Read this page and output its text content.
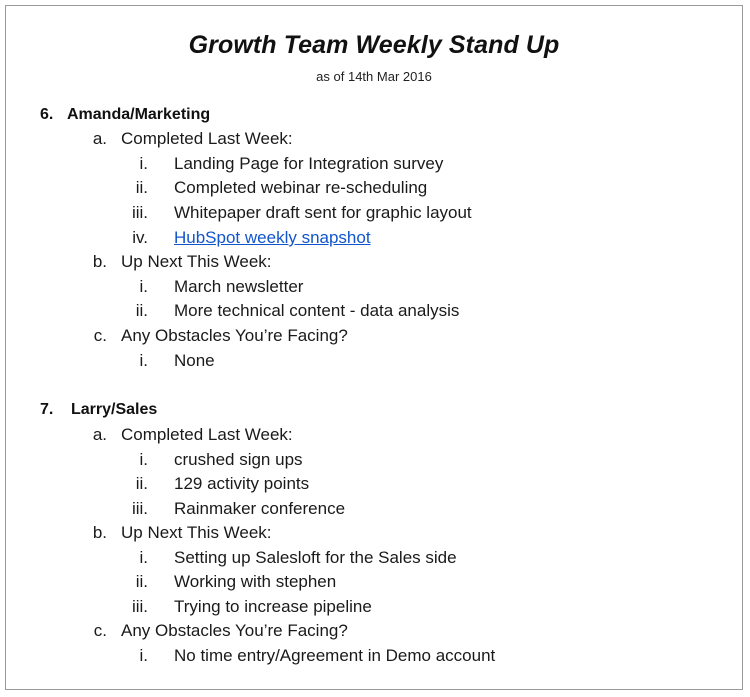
Growth Team Weekly Stand Up
as of 14th Mar 2016
6. Amanda/Marketing
a. Completed Last Week:
i. Landing Page for Integration survey
ii. Completed webinar re-scheduling
iii. Whitepaper draft sent for graphic layout
iv. HubSpot weekly snapshot
b. Up Next This Week:
i. March newsletter
ii. More technical content - data analysis
c. Any Obstacles You’re Facing?
i. None
7. Larry/Sales
a. Completed Last Week:
i. crushed sign ups
ii. 129 activity points
iii. Rainmaker conference
b. Up Next This Week:
i. Setting up Salesloft for the Sales side
ii. Working with stephen
iii. Trying to increase pipeline
c. Any Obstacles You’re Facing?
i. No time entry/Agreement in Demo account
